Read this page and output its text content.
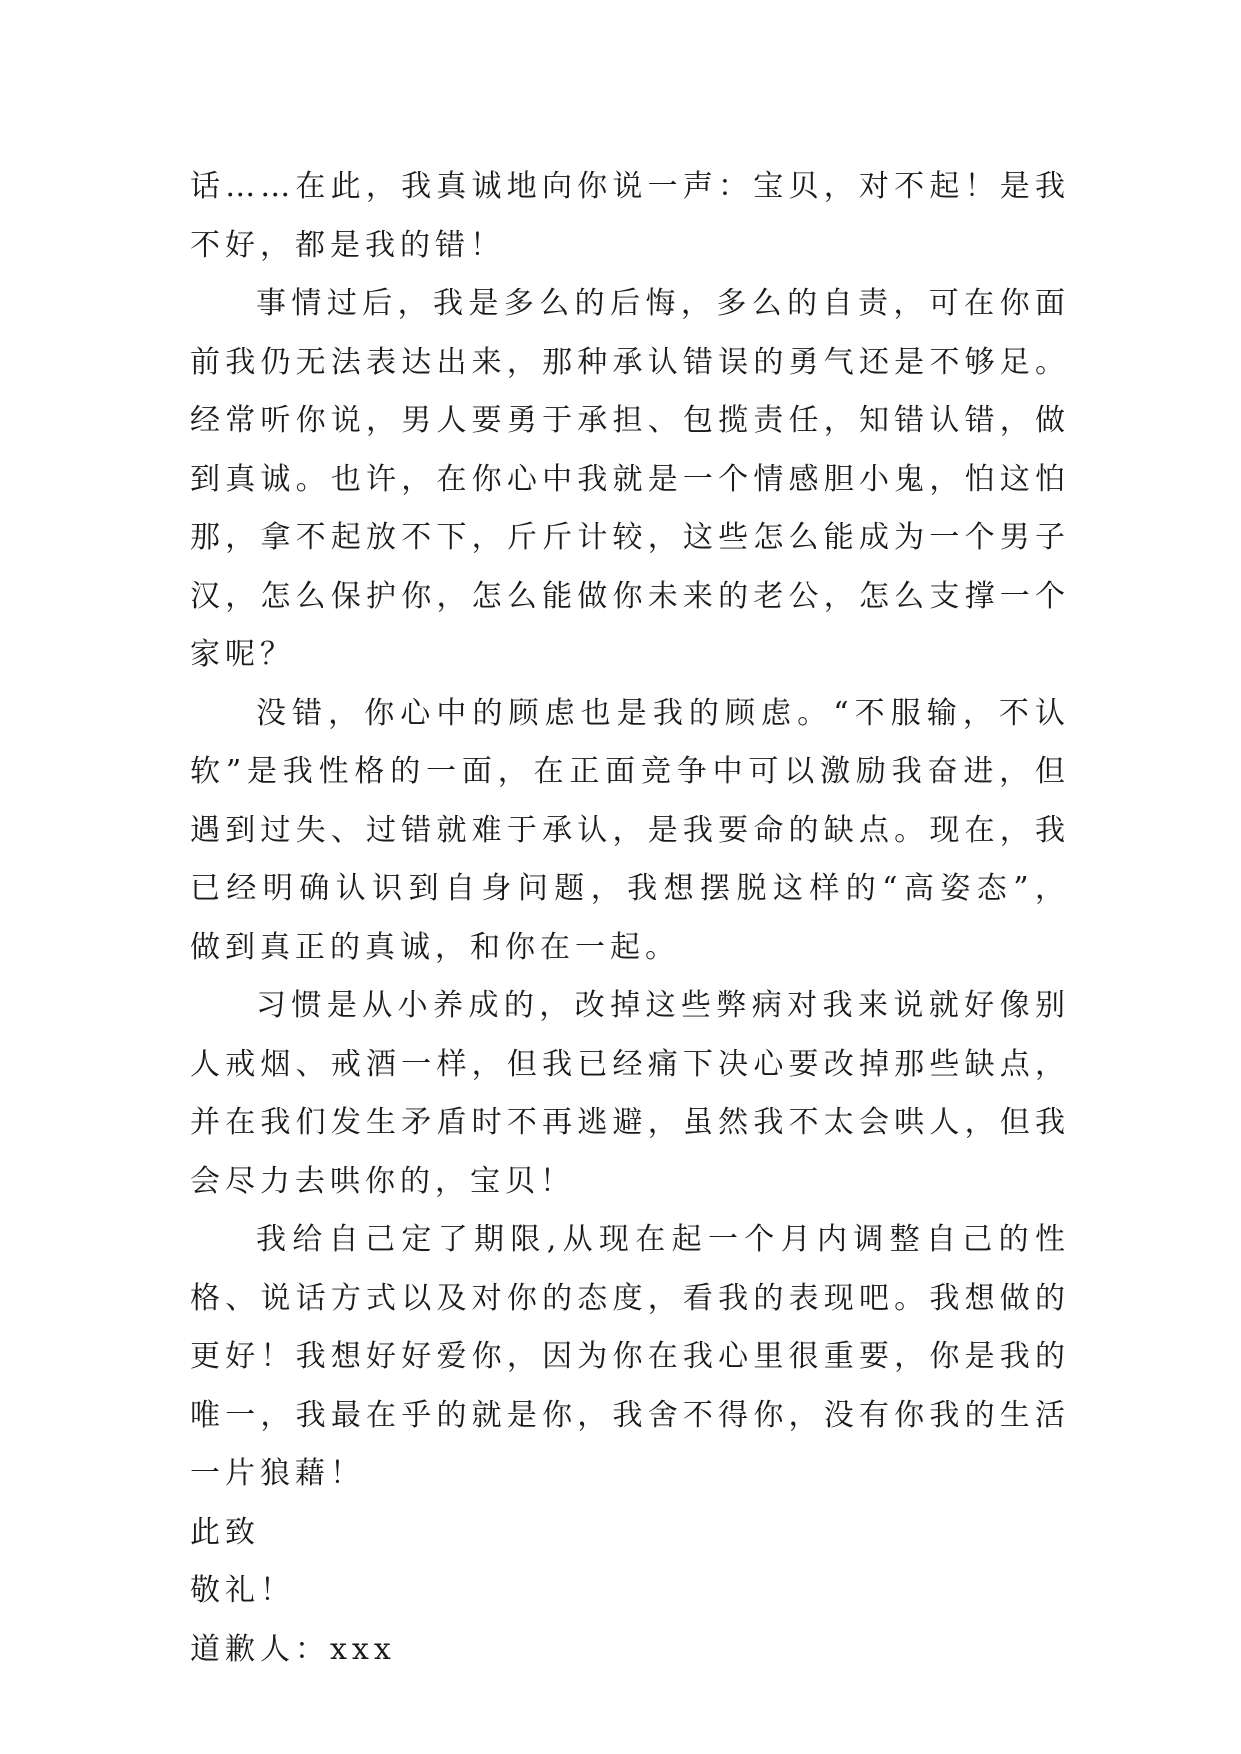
话……在此，我真诚地向你说一声：宝贝，对不起！是我不好，都是我的错！

事情过后，我是多么的后悔，多么的自责，可在你面前我仍无法表达出来，那种承认错误的勇气还是不够足。经常听你说，男人要勇于承担、包揽责任，知错认错，做到真诚。也许，在你心中我就是一个情感胆小鬼，怕这怕那，拿不起放不下，斤斤计较，这些怎么能成为一个男子汉，怎么保护你，怎么能做你未来的老公，怎么支撑一个家呢？

没错，你心中的顾虑也是我的顾虑。“不服输，不认软”是我性格的一面，在正面竞争中可以激励我奋进，但遇到过失、过错就难于承认，是我要命的缺点。现在，我已经明确认识到自身问题，我想摆脱这样的“高姿态”，做到真正的真诚，和你在一起。

习惯是从小养成的，改掉这些弊病对我来说就好像别人戒烟、戒酒一样，但我已经痛下决心要改掉那些缺点，并在我们发生矛盾时不再逃避，虽然我不太会哄人，但我会尽力去哄你的，宝贝！

我给自己定了期限,从现在起一个月内调整自己的性格、说话方式以及对你的态度，看我的表现吧。我想做的更好！我想好好爱你，因为你在我心里很重要，你是我的唯一，我最在乎的就是你，我舍不得你，没有你我的生活一片狼藉！

此致

敬礼！

道歉人：xxx
